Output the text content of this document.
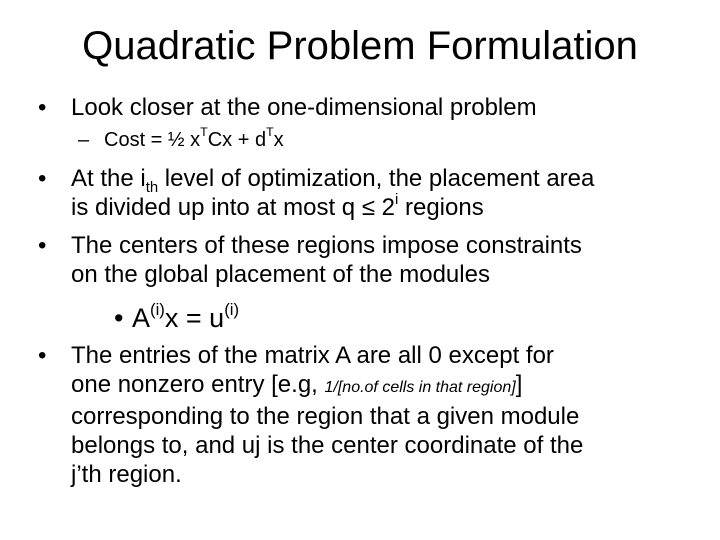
Quadratic Problem Formulation
• Look closer at the one-dimensional problem
– Cost = ½ $x^TCx + d^Tx$
• At the $i_{th}$ level of optimization, the placement area
is divided up into at most $q \le 2^i$ regions
• The centers of these regions impose constraints
on the global placement of the modules
• $A^{(i)}x = u^{(i)}$
• The entries of the matrix A are all 0 except for
one nonzero entry [e.g, 1/[no.of cells in that region]]
corresponding to the region that a given module
belongs to, and uj is the center coordinate of the
j’th region.
